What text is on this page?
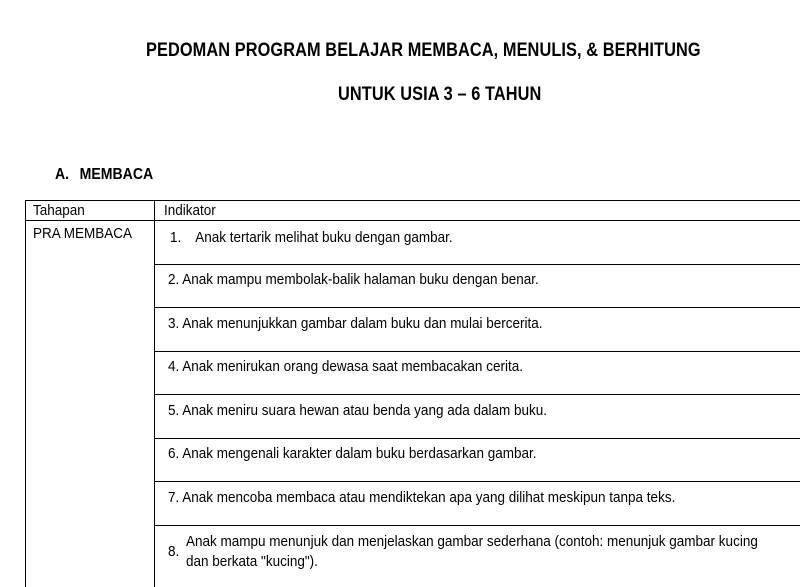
PEDOMAN PROGRAM BELAJAR MEMBACA, MENULIS, & BERHITUNG
UNTUK USIA 3 – 6 TAHUN
A. MEMBACA
Tahapan	Indikator
PRA MEMBACA	1. Anak tertarik melihat buku dengan gambar.
2. Anak mampu membolak-balik halaman buku dengan benar.
3. Anak menunjukkan gambar dalam buku dan mulai bercerita.
4. Anak menirukan orang dewasa saat membacakan cerita.
5. Anak meniru suara hewan atau benda yang ada dalam buku.
6. Anak mengenali karakter dalam buku berdasarkan gambar.
7. Anak mencoba membaca atau mendiktekan apa yang dilihat meskipun tanpa teks.
8.
Anak mampu menunjuk dan menjelaskan gambar sederhana (contoh: menunjuk gambar kucing
dan berkata "kucing").
